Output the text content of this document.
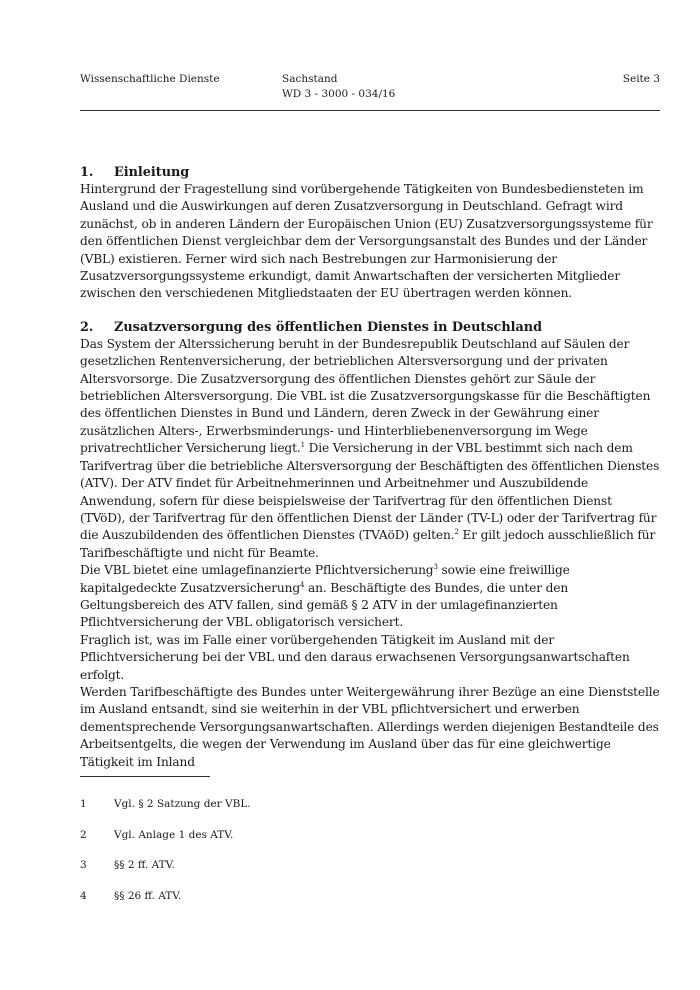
Wissenschaftliche Dienste	Sachstand
WD 3 - 3000 - 034/16
Seite 3
1.	Einleitung

Hintergrund der Fragestellung sind vorübergehende Tätigkeiten von Bundesbediensteten im Ausland und die Auswirkungen auf deren Zusatzversorgung in Deutschland. Gefragt wird zunächst, ob in anderen Ländern der Europäischen Union (EU) Zusatzversorgungssysteme für den öffentlichen Dienst vergleichbar dem der Versorgungsanstalt des Bundes und der Länder (VBL) existieren. Ferner wird sich nach Bestrebungen zur Harmonisierung der Zusatzversorgungssysteme erkundigt, damit Anwartschaften der versicherten Mitglieder zwischen den verschiedenen Mitgliedstaaten der EU übertragen werden können.

2.	Zusatzversorgung des öffentlichen Dienstes in Deutschland

Das System der Alterssicherung beruht in der Bundesrepublik Deutschland auf Säulen der gesetzlichen Rentenversicherung, der betrieblichen Altersversorgung und der privaten Altersvorsorge. Die Zusatzversorgung des öffentlichen Dienstes gehört zur Säule der betrieblichen Altersversorgung. Die VBL ist die Zusatzversorgungskasse für die Beschäftigten des öffentlichen Dienstes in Bund und Ländern, deren Zweck in der Gewährung einer zusätzlichen Alters-, Erwerbsminderungs- und Hinterbliebenenversorgung im Wege privatrechtlicher Versicherung liegt.$^1$ Die Versicherung in der VBL bestimmt sich nach dem Tarifvertrag über die betriebliche Altersversorgung der Beschäftigten des öffentlichen Dienstes (ATV). Der ATV findet für Arbeitnehmerinnen und Arbeitnehmer und Auszubildende Anwendung, sofern für diese beispielsweise der Tarifvertrag für den öffentlichen Dienst (TVöD), der Tarifvertrag für den öffentlichen Dienst der Länder (TV-L) oder der Tarifvertrag für die Auszubildenden des öffentlichen Dienstes (TVAöD) gelten.$^2$ Er gilt jedoch ausschließlich für Tarifbeschäftigte und nicht für Beamte.

Die VBL bietet eine umlagefinanzierte Pflichtversicherung$^3$ sowie eine freiwillige kapitalgedeckte Zusatzversicherung$^4$ an. Beschäftigte des Bundes, die unter den Geltungsbereich des ATV fallen, sind gemäß § 2 ATV in der umlagefinanzierten Pflichtversicherung der VBL obligatorisch versichert.

Fraglich ist, was im Falle einer vorübergehenden Tätigkeit im Ausland mit der Pflichtversicherung bei der VBL und den daraus erwachsenen Versorgungsanwartschaften erfolgt.

Werden Tarifbeschäftigte des Bundes unter Weitergewährung ihrer Bezüge an eine Dienststelle im Ausland entsandt, sind sie weiterhin in der VBL pflichtversichert und erwerben dementsprechende Versorgungsanwartschaften. Allerdings werden diejenigen Bestandteile des Arbeitsentgelts, die wegen der Verwendung im Ausland über das für eine gleichwertige Tätigkeit im Inland

1	Vgl. § 2 Satzung der VBL.
2	Vgl. Anlage 1 des ATV.
3	§§ 2 ff. ATV.
4	§§ 26 ff. ATV.
